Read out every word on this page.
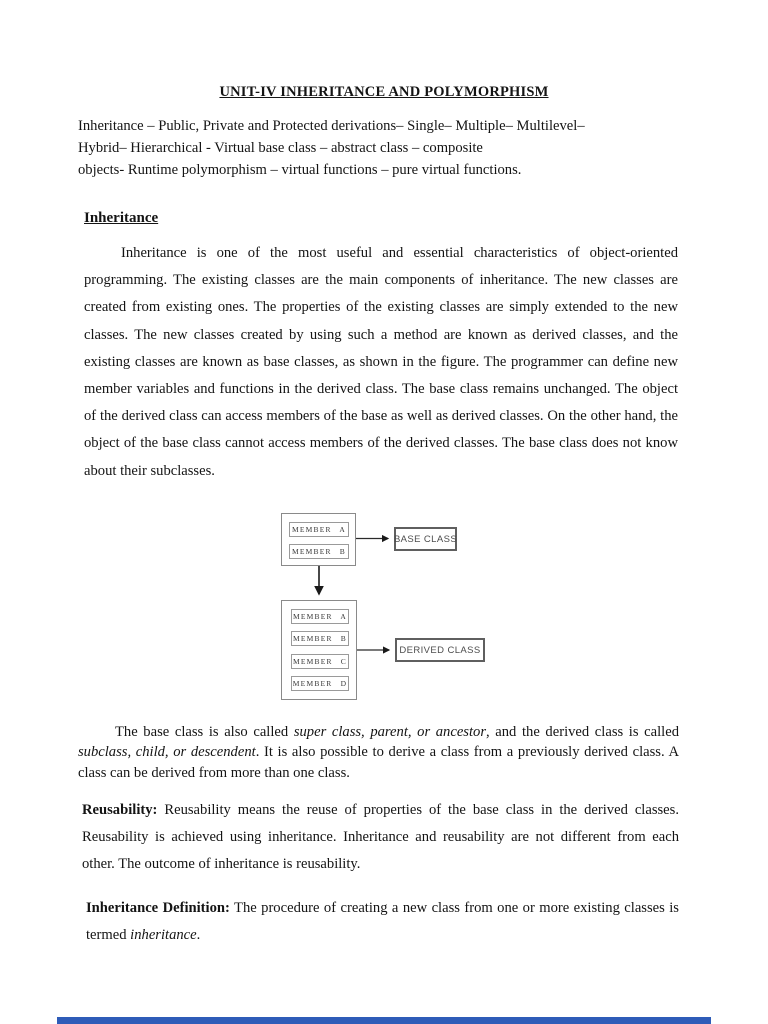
UNIT-IV INHERITANCE AND POLYMORPHISM
Inheritance – Public, Private and Protected derivations– Single– Multiple– Multilevel–
Hybrid– Hierarchical - Virtual base class – abstract class – composite
objects- Runtime polymorphism – virtual functions – pure virtual functions.
Inheritance
Inheritance is one of the most useful and essential characteristics of object-oriented programming. The existing classes are the main components of inheritance. The new classes are created from existing ones. The properties of the existing classes are simply extended to the new classes. The new classes created by using such a method are known as derived classes, and the existing classes are known as base classes, as shown in the figure. The programmer can define new member variables and functions in the derived class. The base class remains unchanged. The object of the derived class can access members of the base as well as derived classes. On the other hand, the object of the base class cannot access members of the derived classes. The base class does not know about their subclasses.
MEMBER A
MEMBER B
BASE CLASS
MEMBER A
MEMBER B
MEMBER C
MEMBER D
DERIVED CLASS
The base class is also called super class, parent, or ancestor, and the derived class is called subclass, child, or descendent. It is also possible to derive a class from a previously derived class. A class can be derived from more than one class.
Reusability: Reusability means the reuse of properties of the base class in the derived classes. Reusability is achieved using inheritance. Inheritance and reusability are not different from each other. The outcome of inheritance is reusability.
Inheritance Definition: The procedure of creating a new class from one or more existing classes is termed inheritance.
